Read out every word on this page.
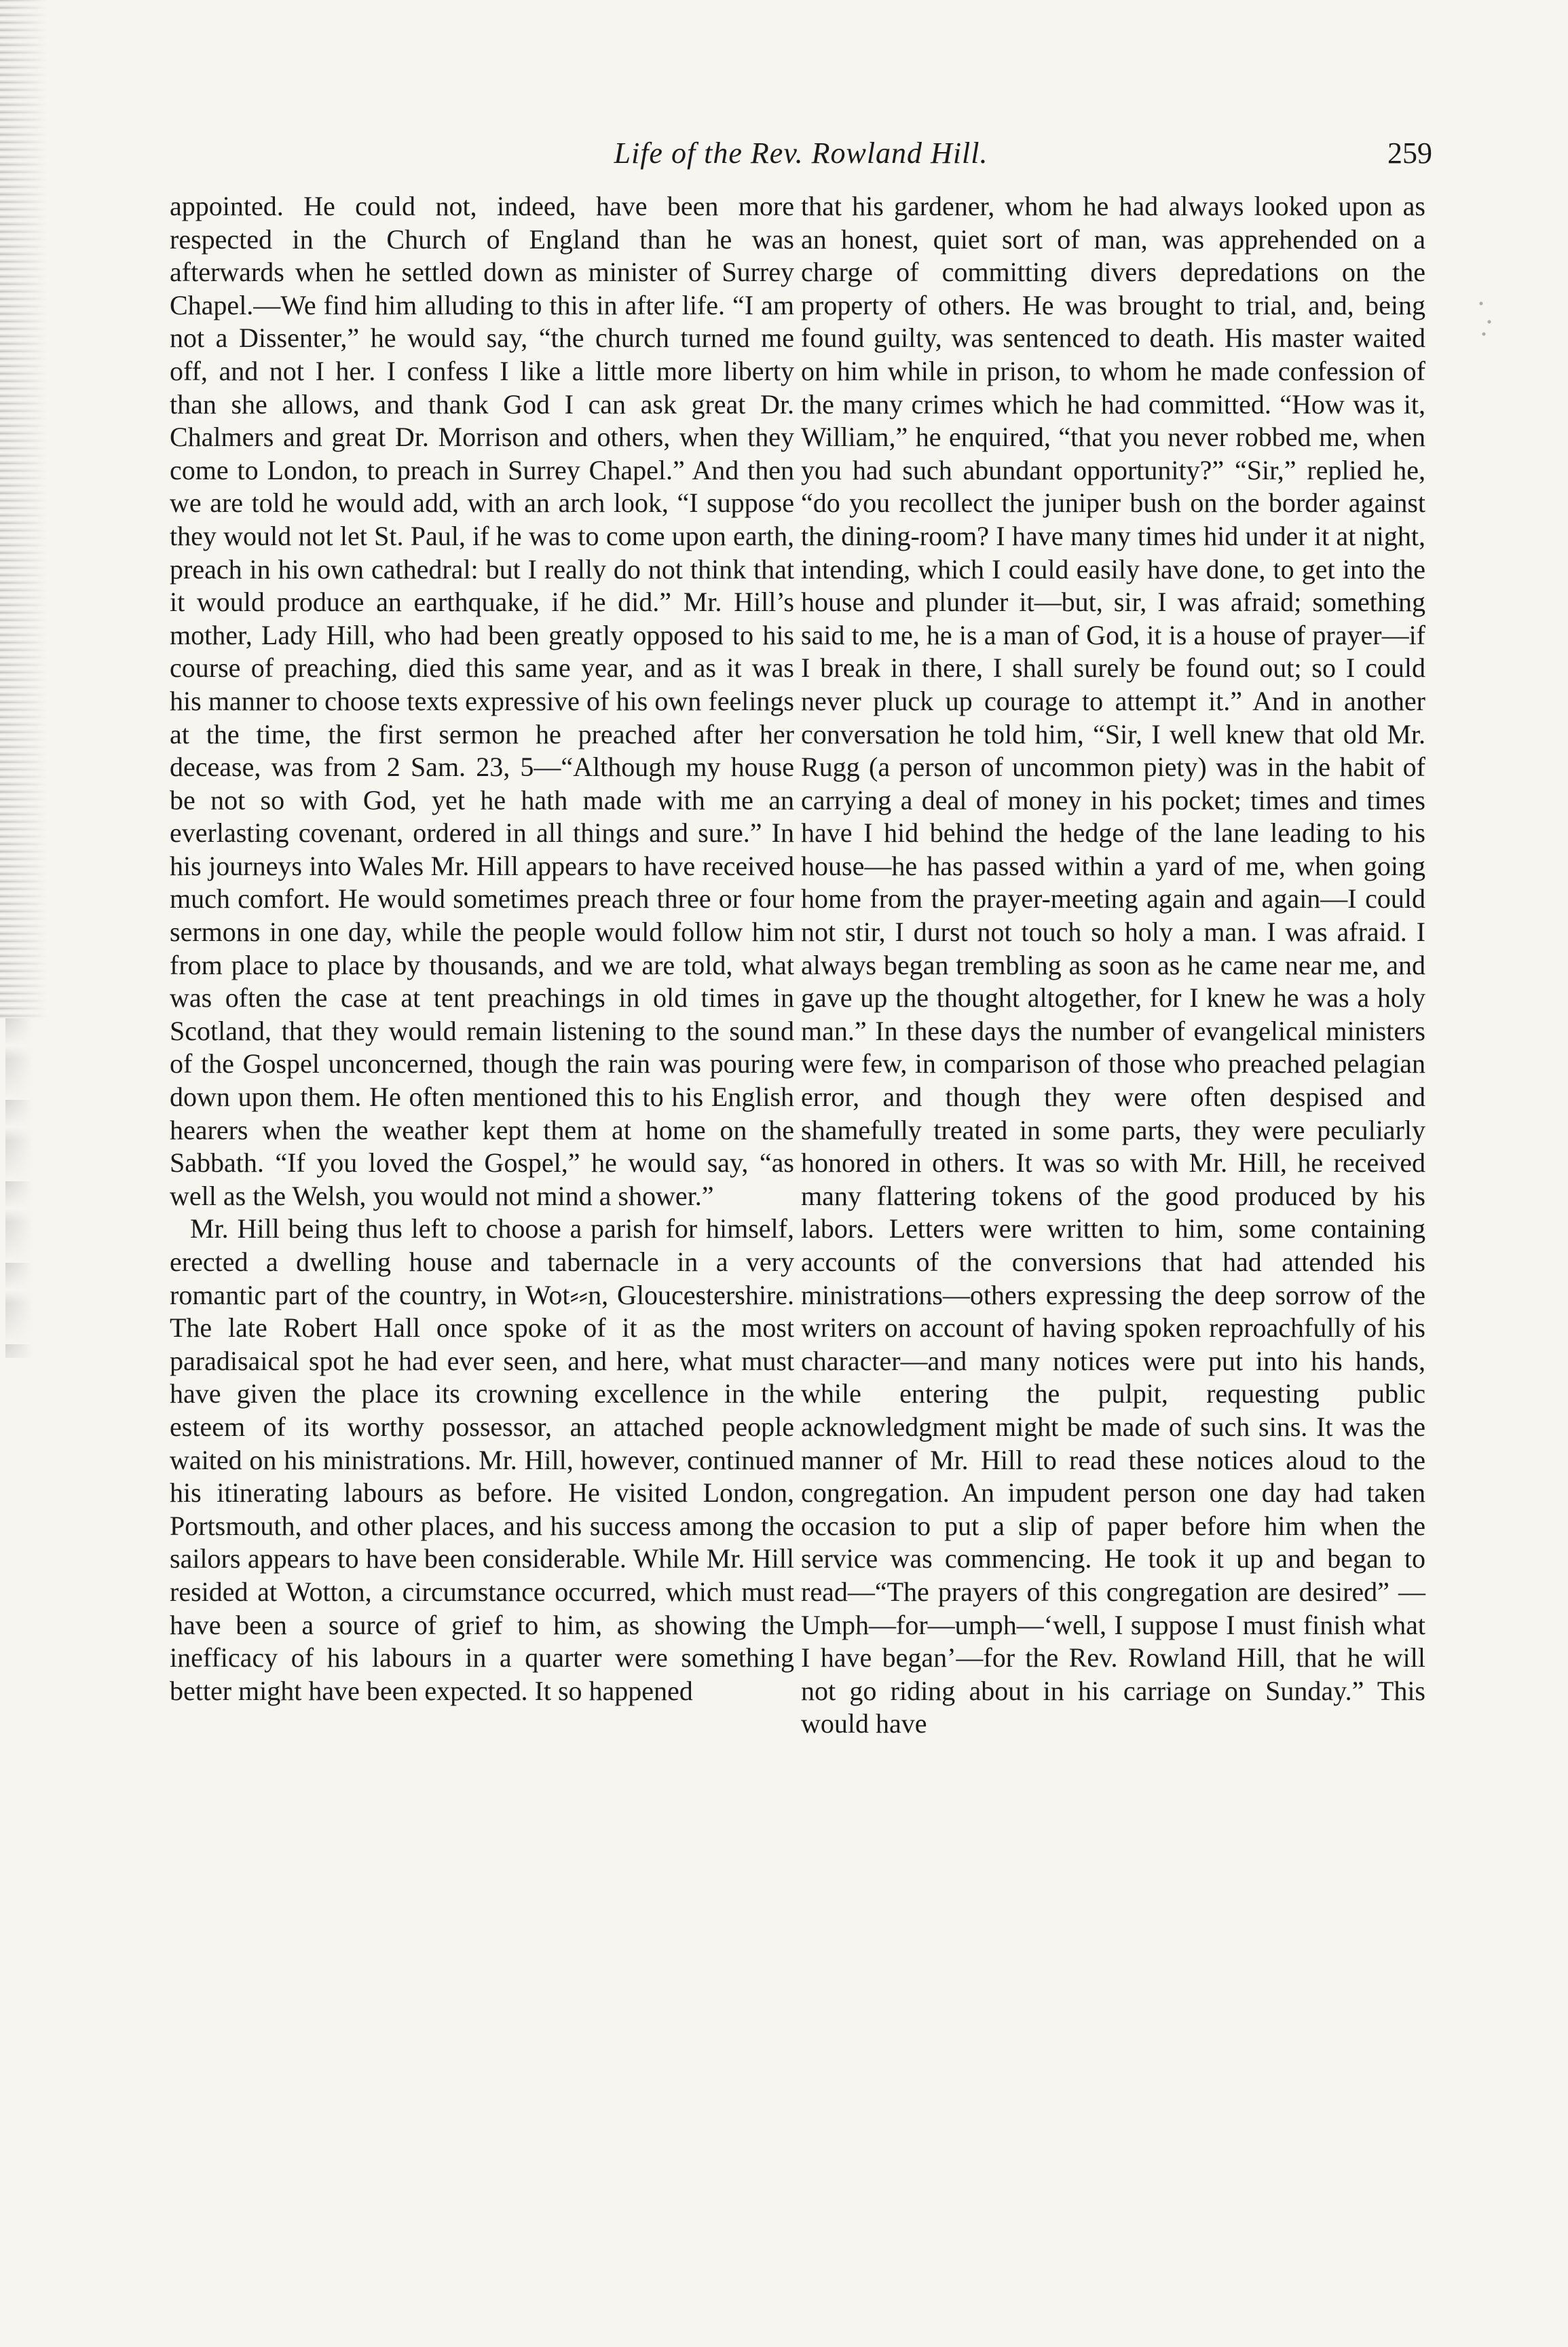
Life of the Rev. Rowland Hill.	259

appointed. He could not, indeed, have been more respected in the Church of England than he was afterwards when he settled down as minister of Surrey Chapel.—We find him alluding to this in after life. “I am not a Dissenter,” he would say, “the church turned me off, and not I her. I confess I like a little more liberty than she allows, and thank God I can ask great Dr. Chalmers and great Dr. Morrison and others, when they come to London, to preach in Surrey Chapel.” And then we are told he would add, with an arch look, “I suppose they would not let St. Paul, if he was to come upon earth, preach in his own cathedral: but I really do not think that it would produce an earthquake, if he did.” Mr. Hill’s mother, Lady Hill, who had been greatly opposed to his course of preaching, died this same year, and as it was his manner to choose texts expressive of his own feelings at the time, the first sermon he preached after her decease, was from 2 Sam. 23, 5—“Although my house be not so with God, yet he hath made with me an everlasting covenant, ordered in all things and sure.” In his journeys into Wales Mr. Hill appears to have received much comfort. He would sometimes preach three or four sermons in one day, while the people would follow him from place to place by thousands, and we are told, what was often the case at tent preachings in old times in Scotland, that they would remain listening to the sound of the Gospel unconcerned, though the rain was pouring down upon them. He often mentioned this to his English hearers when the weather kept them at home on the Sabbath. “If you loved the Gospel,” he would say, “as well as the Welsh, you would not mind a shower.”

Mr. Hill being thus left to choose a parish for himself, erected a dwelling house and tabernacle in a very romantic part of the country, in Wot⸗⸗n, Gloucestershire. The late Robert Hall once spoke of it as the most paradisaical spot he had ever seen, and here, what must have given the place its crowning excellence in the esteem of its worthy possessor, an attached people waited on his ministrations. Mr. Hill, however, continued his itinerating labours as before. He visited London, Portsmouth, and other places, and his success among the sailors appears to have been considerable. While Mr. Hill resided at Wotton, a circumstance occurred, which must have been a source of grief to him, as showing the inefficacy of his labours in a quarter were something better might have been expected. It so happened

that his gardener, whom he had always looked upon as an honest, quiet sort of man, was apprehended on a charge of committing divers depredations on the property of others. He was brought to trial, and, being found guilty, was sentenced to death. His master waited on him while in prison, to whom he made confession of the many crimes which he had committed. “How was it, William,” he enquired, “that you never robbed me, when you had such abundant opportunity?” “Sir,” replied he, “do you recollect the juniper bush on the border against the dining-room? I have many times hid under it at night, intending, which I could easily have done, to get into the house and plunder it—but, sir, I was afraid; something said to me, he is a man of God, it is a house of prayer—if I break in there, I shall surely be found out; so I could never pluck up courage to attempt it.” And in another conversation he told him, “Sir, I well knew that old Mr. Rugg (a person of uncommon piety) was in the habit of carrying a deal of money in his pocket; times and times have I hid behind the hedge of the lane leading to his house—he has passed within a yard of me, when going home from the prayer-meeting again and again—I could not stir, I durst not touch so holy a man. I was afraid. I always began trembling as soon as he came near me, and gave up the thought altogether, for I knew he was a holy man.” In these days the number of evangelical ministers were few, in comparison of those who preached pelagian error, and though they were often despised and shamefully treated in some parts, they were peculiarly honored in others. It was so with Mr. Hill, he received many flattering tokens of the good produced by his labors. Letters were written to him, some containing accounts of the conversions that had attended his ministrations—others expressing the deep sorrow of the writers on account of having spoken reproachfully of his character—and many notices were put into his hands, while entering the pulpit, requesting public acknowledgment might be made of such sins. It was the manner of Mr. Hill to read these notices aloud to the congregation. An impudent person one day had taken occasion to put a slip of paper before him when the service was commencing. He took it up and began to read—“The prayers of this congregation are desired” —Umph—for—umph—‘well, I suppose I must finish what I have began’—for the Rev. Rowland Hill, that he will not go riding about in his carriage on Sunday.” This would have
